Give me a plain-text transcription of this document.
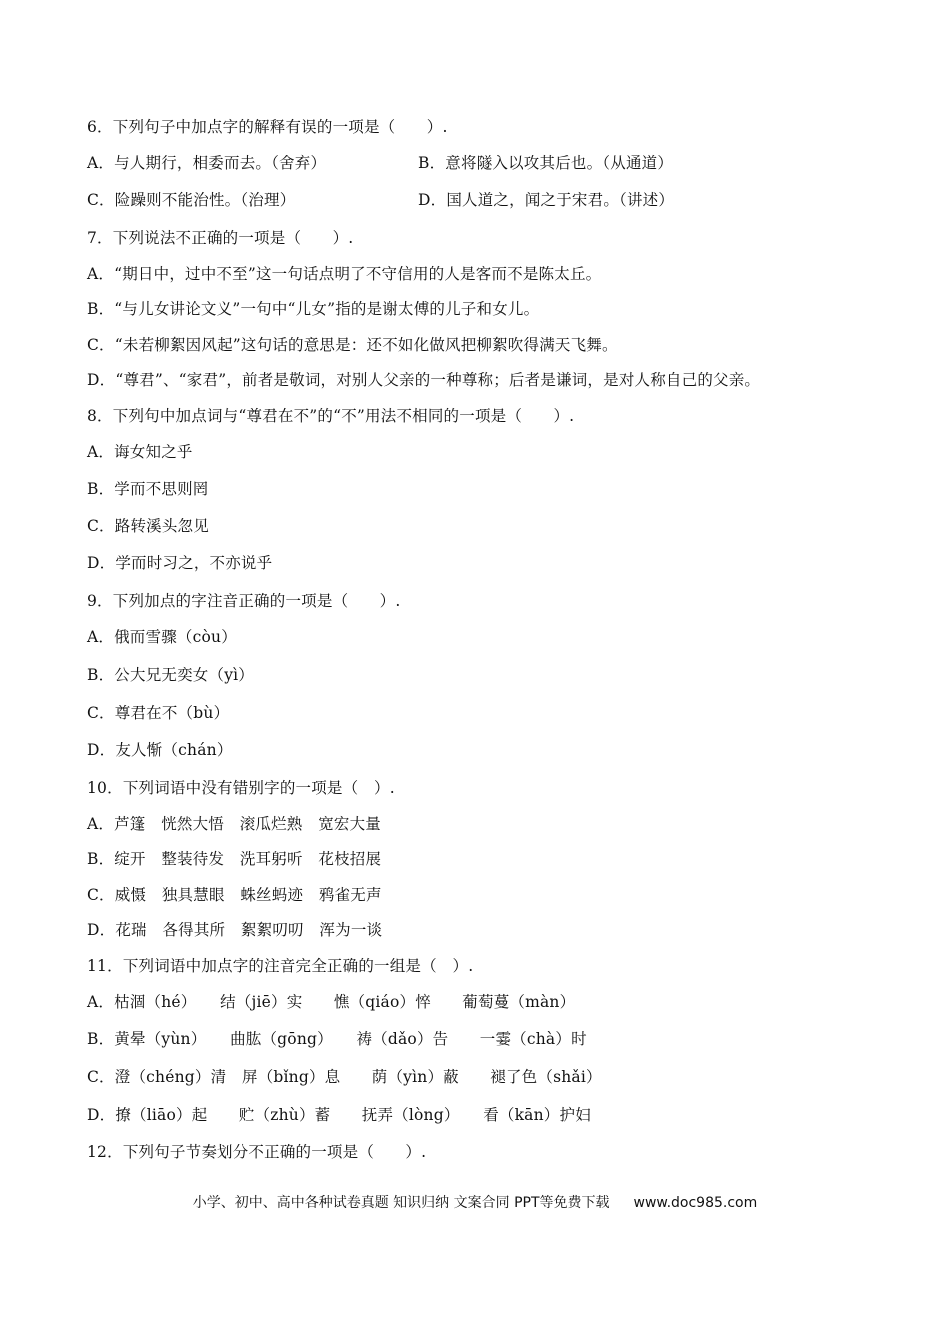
6．下列句子中加点字的解释有误的一项是（　　）.
A．与人期行，相委而去。（舍弃）	B．意将隧入以攻其后也。（从通道）
C．险躁则不能治性。（治理）	D．国人道之，闻之于宋君。（讲述）
7．下列说法不正确的一项是（　　）.
A．“期日中，过中不至”这一句话点明了不守信用的人是客而不是陈太丘。
B．“与儿女讲论文义”一句中“儿女”指的是谢太傅的儿子和女儿。
C．“未若柳絮因风起”这句话的意思是：还不如化做风把柳絮吹得满天飞舞。
D．“尊君”、“家君”，前者是敬词，对别人父亲的一种尊称；后者是谦词，是对人称自己的父亲。
8．下列句中加点词与“尊君在不”的“不”用法不相同的一项是（　　）.
A．诲女知之乎
B．学而不思则罔
C．路转溪头忽见
D．学而时习之，不亦说乎
9．下列加点的字注音正确的一项是（　　）.
A．俄而雪骤（còu）
B．公大兄无奕女（yì）
C．尊君在不（bù）
D．友人惭（chán）
10．下列词语中没有错别字的一项是（　）.
A．芦篷　恍然大悟　滚瓜烂熟　宽宏大量
B．绽开　整装待发　洗耳躬听　花枝招展
C．威慑　独具慧眼　蛛丝蚂迹　鸦雀无声
D．花瑞　各得其所　絮絮叨叨　浑为一谈
11．下列词语中加点字的注音完全正确的一组是（　）.
A．枯涸（hé）　　结（jiē）实　　憔（qiáo）悴　　葡萄蔓（màn）
B．黄晕（yùn）　　曲肱（gōng）　　祷（dǎo）告　　一霎（chà）时
C．澄（chéng）清　屏（bǐng）息　　荫（yìn）蔽　　褪了色（shǎi）
D．撩（liāo）起　　贮（zhù）蓄　　抚弄（lòng）　　看（kān）护妇
12．下列句子节奏划分不正确的一项是（　　）.
小学、初中、高中各种试卷真题 知识归纳 文案合同 PPT等免费下载 www.doc985.com
